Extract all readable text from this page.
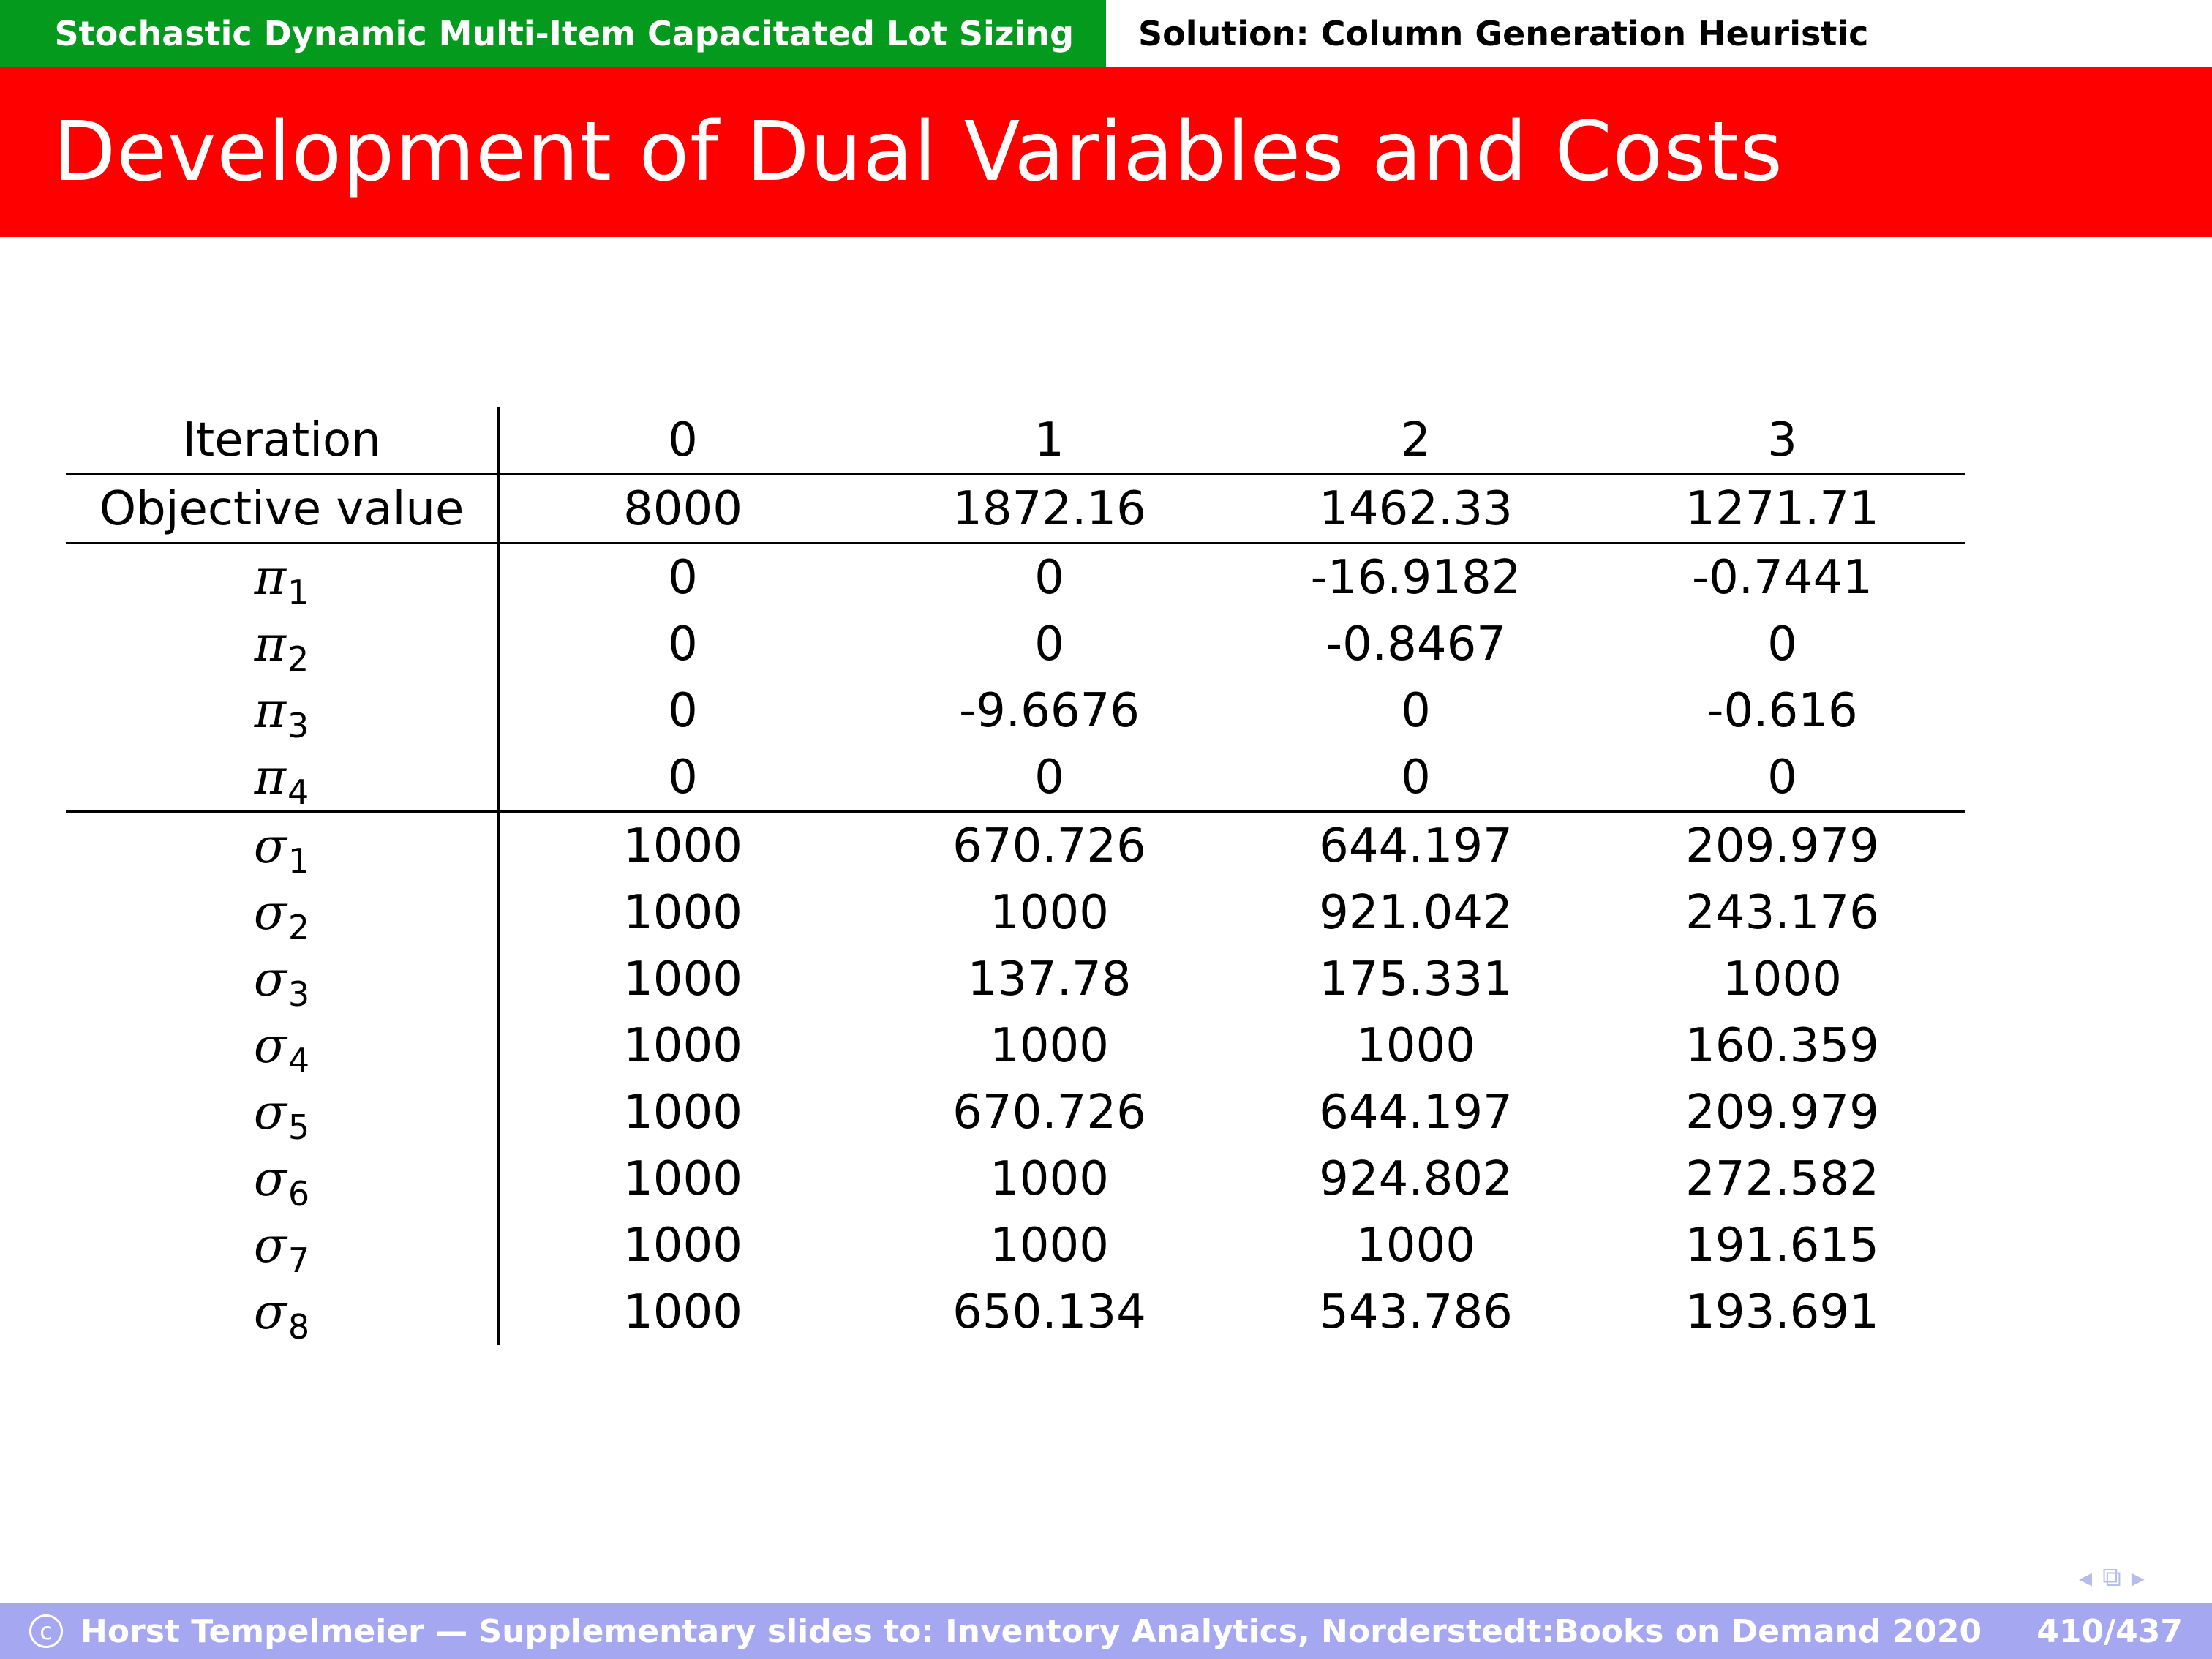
Stochastic Dynamic Multi-Item Capacitated Lot Sizing Solution: Column Generation Heuristic
Development of Dual Variables and Costs
Iteration	0	1	2	3
Objective value	8000	1872.16	1462.33	1271.71
$\pi_1$	0	0	-16.9182	-0.7441
$\pi_2$	0	0	-0.8467	0
$\pi_3$	0	-9.6676	0	-0.616
$\pi_4$	0	0	0	0
$\sigma_1$	1000	670.726	644.197	209.979
$\sigma_2$	1000	1000	921.042	243.176
$\sigma_3$	1000	137.78	175.331	1000
$\sigma_4$	1000	1000	1000	160.359
$\sigma_5$	1000	670.726	644.197	209.979
$\sigma_6$	1000	1000	924.802	272.582
$\sigma_7$	1000	1000	1000	191.615
$\sigma_8$	1000	650.134	543.786	193.691
◂ ⧉ ▸
c Horst Tempelmeier — Supplementary slides to: Inventory Analytics, Norderstedt:Books on Demand 2020 410/437
